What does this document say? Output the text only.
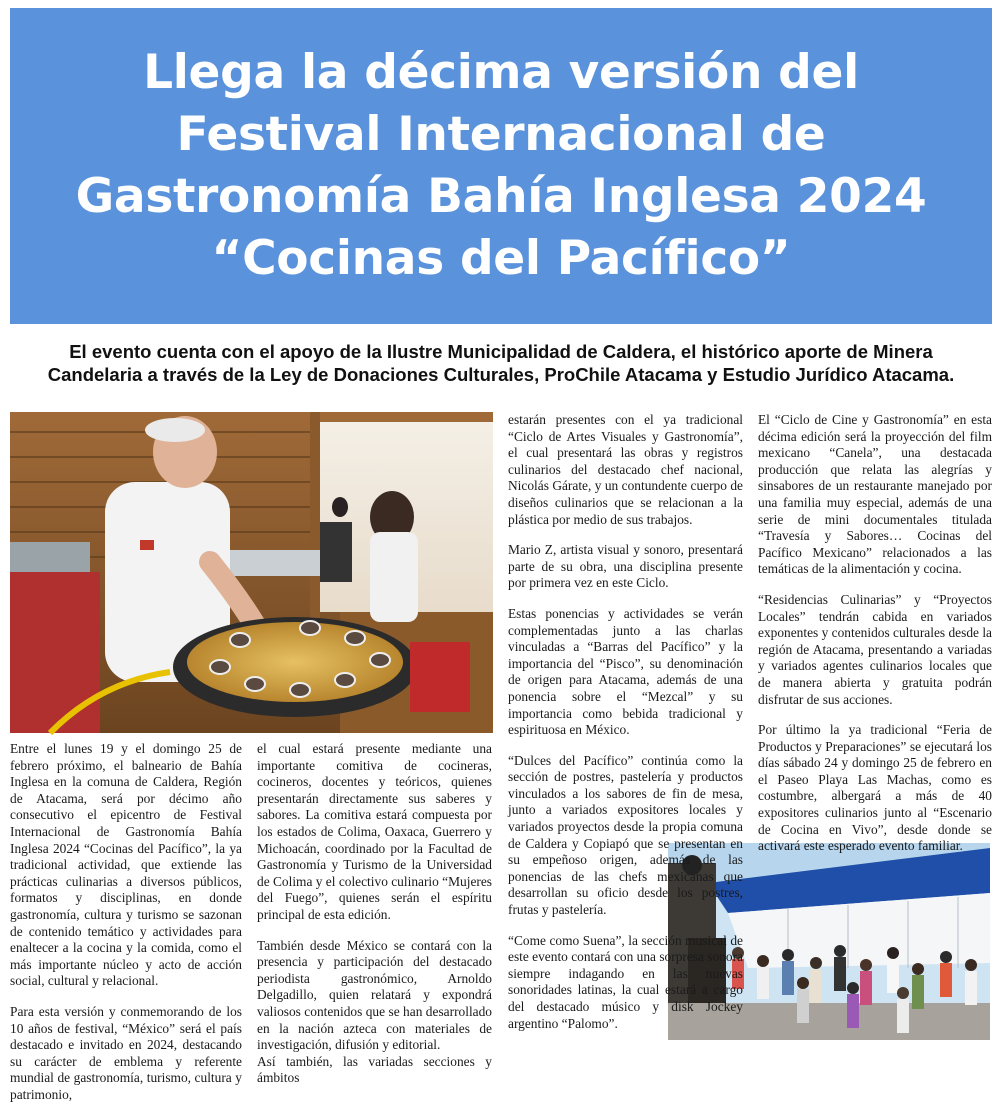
Llega la décima versión del
Festival Internacional de
Gastronomía Bahía Inglesa 2024
“Cocinas del Pacífico”
El evento cuenta con el apoyo de la Ilustre Municipalidad de Caldera, el histórico aporte de Minera
Candelaria a través de la Ley de Donaciones Culturales, ProChile Atacama y Estudio Jurídico Atacama.

Entre el lunes 19 y el domingo 25 de febrero próximo, el balneario de Bahía Inglesa en la comuna de Caldera, Región de Atacama, será por décimo año consecutivo el epicentro de Festival Internacional de Gastronomía Bahía Inglesa 2024 “Cocinas del Pacífico”, la ya tradicional actividad, que extiende las prácticas culinarias a diversos públicos, formatos y disciplinas, en donde gastronomía, cultura y turismo se sazonan de contenido temático y actividades para enaltecer a la cocina y la comida, como el más importante núcleo y acto de acción social, cultural y relacional.

Para esta versión y conmemorando de los 10 años de festival, “México” será el país destacado e invitado en 2024, destacando su carácter de emblema y referente mundial de gastronomía, turismo, cultura y patrimonio,

el cual estará presente mediante una importante comitiva de cocineras, cocineros, docentes y teóricos, quienes presentarán directamente sus saberes y sabores. La comitiva estará compuesta por los estados de Colima, Oaxaca, Guerrero y Michoacán, coordinado por la Facultad de Gastronomía y Turismo de la Universidad de Colima y el colectivo culinario “Mujeres del Fuego”, quienes serán el espíritu principal de esta edición.

También desde México se contará con la presencia y participación del destacado periodista gastronómico, Arnoldo Delgadillo, quien relatará y expondrá valiosos contenidos que se han desarrollado en la nación azteca con materiales de investigación, difusión y editorial.

Así también, las variadas secciones y ámbitos

estarán presentes con el ya tradicional “Ciclo de Artes Visuales y Gastronomía”, el cual presentará las obras y registros culinarios del destacado chef nacional, Nicolás Gárate, y un contundente cuerpo de diseños culinarios que se relacionan a la plástica por medio de sus trabajos.

Mario Z, artista visual y sonoro, presentará parte de su obra, una disciplina presente por primera vez en este Ciclo.

Estas ponencias y actividades se verán complementadas junto a las charlas vinculadas a “Barras del Pacífico” y la importancia del “Pisco”, su denominación de origen para Atacama, además de una ponencia sobre el “Mezcal” y su importancia como bebida tradicional y espirituosa en México.

“Dulces del Pacífico” continúa como la sección de postres, pastelería y productos vinculados a los sabores de fin de mesa, junto a variados expositores locales y variados proyectos desde la propia comuna de Caldera y Copiapó que se presentan en su empeñoso origen, además de las ponencias de las chefs mexicanas que desarrollan su oficio desde los postres, frutas y pastelería.

“Come como Suena”, la sección musical de este evento contará con una sorpresa sonora siempre indagando en las nuevas sonoridades latinas, la cual estará a cargo del destacado músico y disk Jockey argentino “Palomo”.

El “Ciclo de Cine y Gastronomía” en esta décima edición será la proyección del film mexicano “Canela”, una destacada producción que relata las alegrías y sinsabores de un restaurante manejado por una familia muy especial, además de una serie de mini documentales titulada “Travesía y Sabores… Cocinas del Pacífico Mexicano” relacionados a las temáticas de la alimentación y cocina.

“Residencias Culinarias” y “Proyectos Locales” tendrán cabida en variados exponentes y contenidos culturales desde la región de Atacama, presentando a variadas y variados agentes culinarios locales que de manera abierta y gratuita podrán disfrutar de sus acciones.

Por último la ya tradicional “Feria de Productos y Preparaciones” se ejecutará los días sábado 24 y domingo 25 de febrero en el Paseo Playa Las Machas, como es costumbre, albergará a más de 40 expositores culinarios junto al “Escenario de Cocina en Vivo”, desde donde se activará este esperado evento familiar.
